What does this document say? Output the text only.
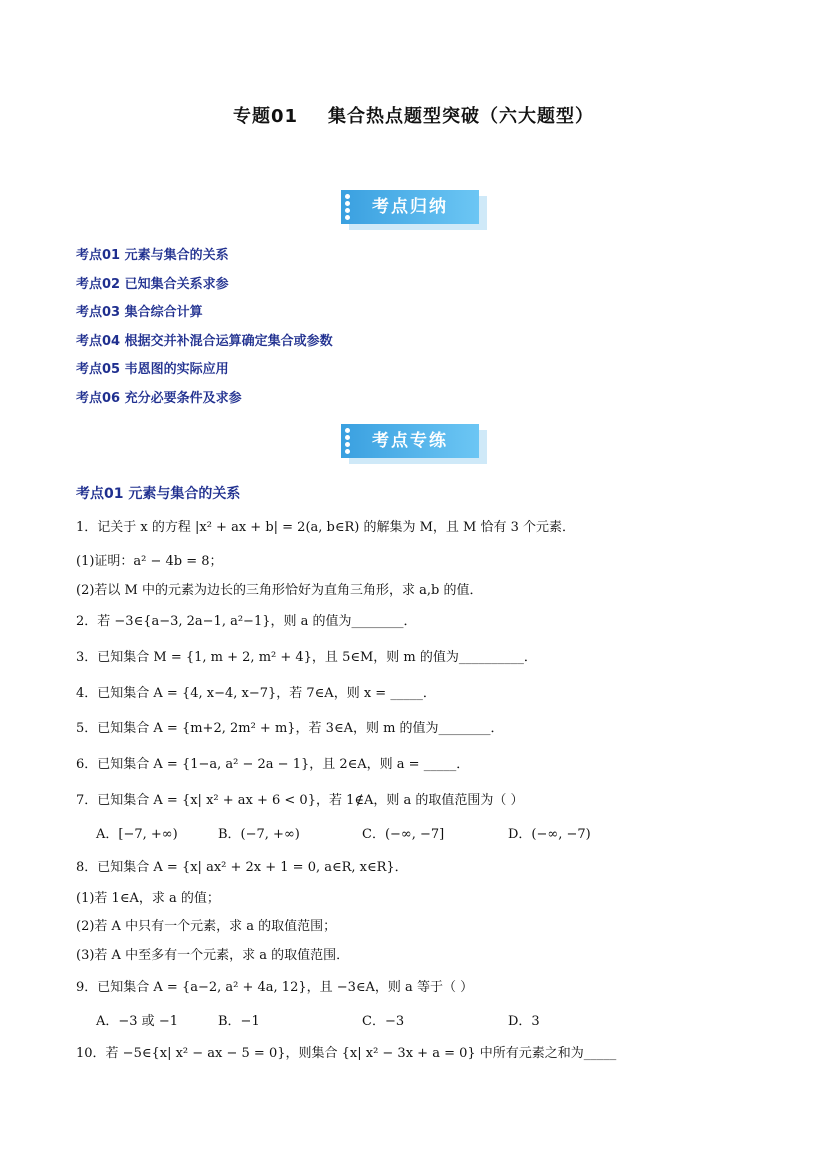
专题01 集合热点题型突破（六大题型）
考点归纳
考点01 元素与集合的关系
考点02 已知集合关系求参
考点03 集合综合计算
考点04 根据交并补混合运算确定集合或参数
考点05 韦恩图的实际应用
考点06 充分必要条件及求参
考点专练
考点01 元素与集合的关系
1．记关于 x 的方程 |x² + ax + b| = 2(a, b∈R) 的解集为 M，且 M 恰有 3 个元素．
(1)证明：a² − 4b = 8；
(2)若以 M 中的元素为边长的三角形恰好为直角三角形，求 a,b 的值．
2．若 −3∈{a−3, 2a−1, a²−1}，则 a 的值为________．
3．已知集合 M = {1, m + 2, m² + 4}，且 5∈M，则 m 的值为__________．
4．已知集合 A = {4, x−4, x−7}，若 7∈A，则 x = _____．
5．已知集合 A = {m+2, 2m² + m}，若 3∈A，则 m 的值为________．
6．已知集合 A = {1−a, a² − 2a − 1}，且 2∈A，则 a = _____．
7．已知集合 A = {x| x² + ax + 6 < 0}，若 1∉A，则 a 的取值范围为（ ）
A．[−7, +∞)	B．(−7, +∞)	C．(−∞, −7]	D．(−∞, −7)
8．已知集合 A = {x| ax² + 2x + 1 = 0, a∈R, x∈R}．
(1)若 1∈A，求 a 的值；
(2)若 A 中只有一个元素，求 a 的取值范围；
(3)若 A 中至多有一个元素，求 a 的取值范围．
9．已知集合 A = {a−2, a² + 4a, 12}，且 −3∈A，则 a 等于（ ）
A．−3 或 −1	B．−1	C．−3	D．3
10．若 −5∈{x| x² − ax − 5 = 0}，则集合 {x| x² − 3x + a = 0} 中所有元素之和为_____
